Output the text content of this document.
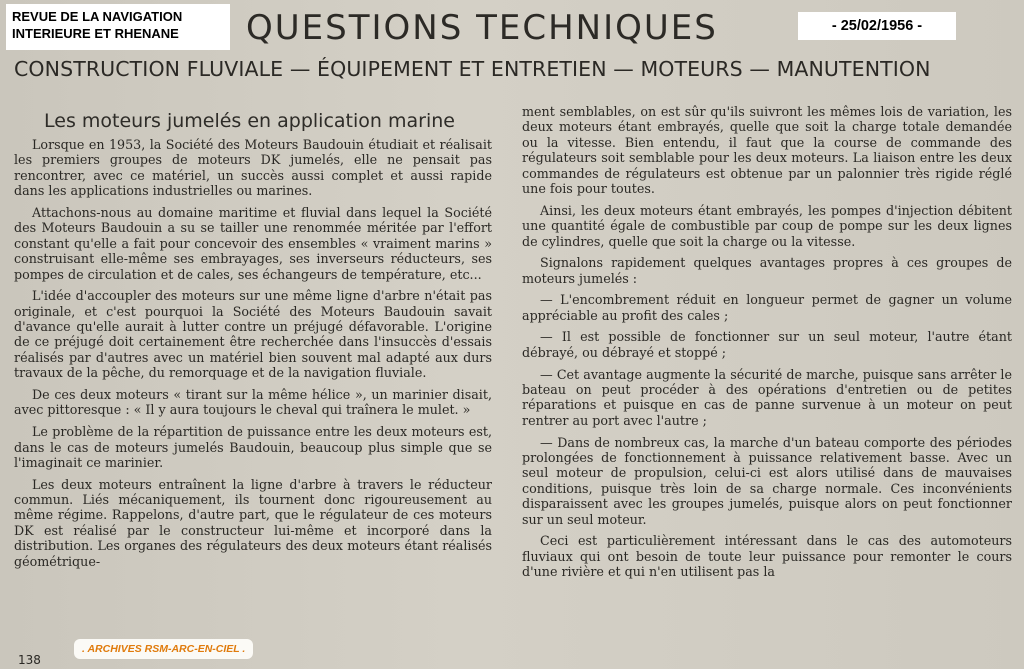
REVUE DE LA NAVIGATION
INTERIEURE ET RHENANE	QUESTIONS TECHNIQUES	- 25/02/1956 -
CONSTRUCTION FLUVIALE — ÉQUIPEMENT ET ENTRETIEN — MOTEURS — MANUTENTION
Les moteurs jumelés en application marine

Lorsque en 1953, la Société des Moteurs Baudouin étudiait et réalisait les premiers groupes de moteurs DK jumelés, elle ne pensait pas rencontrer, avec ce matériel, un succès aussi complet et aussi rapide dans les applications industrielles ou marines.

Attachons-nous au domaine maritime et fluvial dans lequel la Société des Moteurs Baudouin a su se tailler une renommée méritée par l'effort constant qu'elle a fait pour concevoir des ensembles « vraiment marins » construisant elle-même ses embrayages, ses inverseurs réducteurs, ses pompes de circulation et de cales, ses échangeurs de température, etc...

L'idée d'accoupler des moteurs sur une même ligne d'arbre n'était pas originale, et c'est pourquoi la Société des Moteurs Baudouin savait d'avance qu'elle aurait à lutter contre un préjugé défavorable. L'origine de ce préjugé doit certainement être recherchée dans l'insuccès d'essais réalisés par d'autres avec un matériel bien souvent mal adapté aux durs travaux de la pêche, du remorquage et de la navigation fluviale.

De ces deux moteurs « tirant sur la même hélice », un marinier disait, avec pittoresque : « Il y aura toujours le cheval qui traînera le mulet. »

Le problème de la répartition de puissance entre les deux moteurs est, dans le cas de moteurs jumelés Baudouin, beaucoup plus simple que se l'imaginait ce marinier.

Les deux moteurs entraînent la ligne d'arbre à travers le réducteur commun. Liés mécaniquement, ils tournent donc rigoureusement au même régime. Rappelons, d'autre part, que le régulateur de ces moteurs DK est réalisé par le constructeur lui-même et incorporé dans la distribution. Les organes des régulateurs des deux moteurs étant réalisés géométrique-

ment semblables, on est sûr qu'ils suivront les mêmes lois de variation, les deux moteurs étant embrayés, quelle que soit la charge totale demandée ou la vitesse. Bien entendu, il faut que la course de commande des régulateurs soit semblable pour les deux moteurs. La liaison entre les deux commandes de régulateurs est obtenue par un palonnier très rigide réglé une fois pour toutes.

Ainsi, les deux moteurs étant embrayés, les pompes d'injection débitent une quantité égale de combustible par coup de pompe sur les deux lignes de cylindres, quelle que soit la charge ou la vitesse.

Signalons rapidement quelques avantages propres à ces groupes de moteurs jumelés :

— L'encombrement réduit en longueur permet de gagner un volume appréciable au profit des cales ;

— Il est possible de fonctionner sur un seul moteur, l'autre étant débrayé, ou débrayé et stoppé ;

— Cet avantage augmente la sécurité de marche, puisque sans arrêter le bateau on peut procéder à des opérations d'entretien ou de petites réparations et puisque en cas de panne survenue à un moteur on peut rentrer au port avec l'autre ;

— Dans de nombreux cas, la marche d'un bateau comporte des périodes prolongées de fonctionnement à puissance relativement basse. Avec un seul moteur de propulsion, celui-ci est alors utilisé dans de mauvaises conditions, puisque très loin de sa charge normale. Ces inconvénients disparaissent avec les groupes jumelés, puisque alors on peut fonctionner sur un seul moteur.

Ceci est particulièrement intéressant dans le cas des automoteurs fluviaux qui ont besoin de toute leur puissance pour remonter le cours d'une rivière et qui n'en utilisent pas la

138
. ARCHIVES RSM-ARC-EN-CIEL .
